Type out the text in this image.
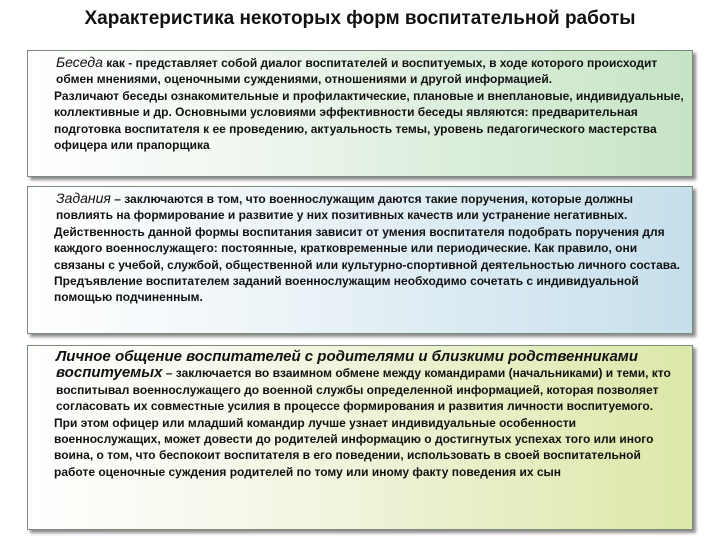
Характеристика некоторых форм воспитательной работы

Беседа как - представляет собой диалог воспитателей и воспитуемых, в ходе которого происходит обмен мнениями, оценочными суждениями, отношениями и другой информацией.

Различают беседы ознакомительные и профилактические, плановые и внеплановые, индивидуальные, коллективные и др. Основными условиями эффективности беседы являются: предварительная подготовка воспитателя к ее проведению, актуальность темы, уровень педагогического мастерства офицера или прапорщика

Задания – заключаются в том, что военнослужащим даются такие поручения, которые должны повлиять на формирование и развитие у них позитивных качеств или устранение негативных.

Действенность данной формы воспитания зависит от умения воспитателя подобрать поручения для каждого военнослужащего: постоянные, кратковременные или периодические. Как правило, они связаны с учебой, службой, общественной или культурно-спортивной деятельностью личного состава. Предъявление воспитателем заданий военнослужащим необходимо сочетать с индивидуальной помощью подчиненным.

Личное общение воспитателей с родителями и близкими родственниками воспитуемых – заключается во взаимном обмене между командирами (начальниками) и теми, кто воспитывал военнослужащего до военной службы определенной информацией, которая позволяет согласовать их совместные усилия в процессе формирования и развития личности воспитуемого.

При этом офицер или младший командир лучше узнает индивидуальные особенности военнослужащих, может довести до родителей информацию о достигнутых успехах того или иного воина, о том, что беспокоит воспитателя в его поведении, использовать в своей воспитательной работе оценочные суждения родителей по тому или иному факту поведения их сын
